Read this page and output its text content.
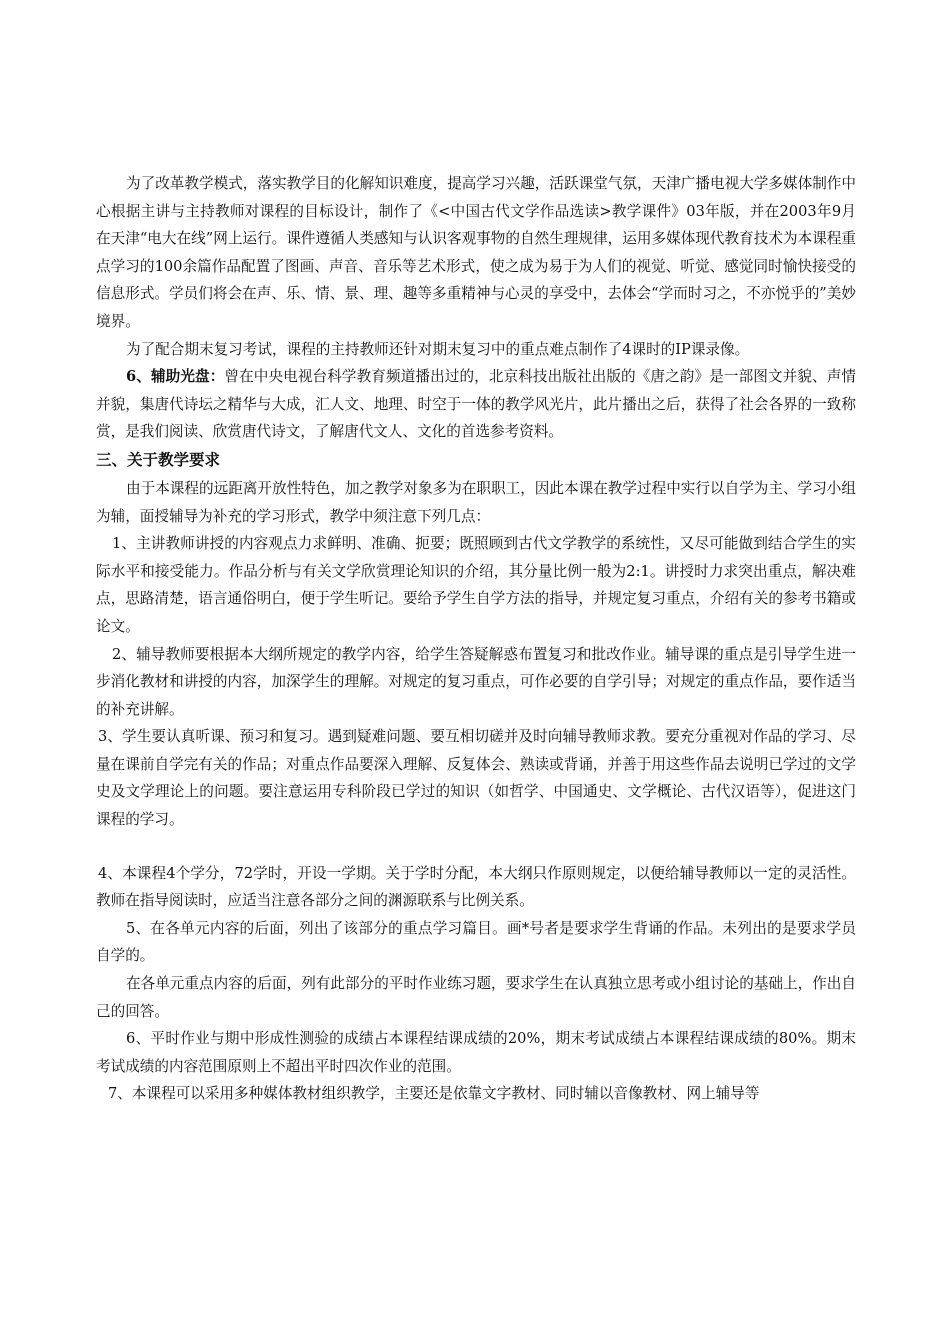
为了改革教学模式，落实教学目的化解知识难度，提高学习兴趣，活跃课堂气氛，天津广播电视大学多媒体制作中心根据主讲与主持教师对课程的目标设计，制作了《<中国古代文学作品选读>教学课件》03年版，并在2003年9月在天津“电大在线”网上运行。课件遵循人类感知与认识客观事物的自然生理规律，运用多媒体现代教育技术为本课程重点学习的100余篇作品配置了图画、声音、音乐等艺术形式，使之成为易于为人们的视觉、听觉、感觉同时愉快接受的信息形式。学员们将会在声、乐、情、景、理、趣等多重精神与心灵的享受中，去体会“学而时习之，不亦悦乎的”美妙境界。

为了配合期末复习考试，课程的主持教师还针对期末复习中的重点难点制作了4课时的IP课录像。

6、辅助光盘：曾在中央电视台科学教育频道播出过的，北京科技出版社出版的《唐之韵》是一部图文并貌、声情并貌，集唐代诗坛之精华与大成，汇人文、地理、时空于一体的教学风光片，此片播出之后，获得了社会各界的一致称赏，是我们阅读、欣赏唐代诗文，了解唐代文人、文化的首选参考资料。

三、关于教学要求

由于本课程的远距离开放性特色，加之教学对象多为在职职工，因此本课在教学过程中实行以自学为主、学习小组为辅，面授辅导为补充的学习形式，教学中须注意下列几点：

1、主讲教师讲授的内容观点力求鲜明、准确、扼要；既照顾到古代文学教学的系统性，又尽可能做到结合学生的实际水平和接受能力。作品分析与有关文学欣赏理论知识的介绍，其分量比例一般为2:1。讲授时力求突出重点，解决难点，思路清楚，语言通俗明白，便于学生听记。要给予学生自学方法的指导，并规定复习重点，介绍有关的参考书籍或论文。

2、辅导教师要根据本大纲所规定的教学内容，给学生答疑解惑布置复习和批改作业。辅导课的重点是引导学生进一步消化教材和讲授的内容，加深学生的理解。对规定的复习重点，可作必要的自学引导；对规定的重点作品，要作适当的补充讲解。

3、学生要认真听课、预习和复习。遇到疑难问题、要互相切磋并及时向辅导教师求教。要充分重视对作品的学习、尽量在课前自学完有关的作品；对重点作品要深入理解、反复体会、熟读或背诵，并善于用这些作品去说明已学过的文学史及文学理论上的问题。要注意运用专科阶段已学过的知识（如哲学、中国通史、文学概论、古代汉语等），促进这门课程的学习。

4、本课程4个学分，72学时，开设一学期。关于学时分配，本大纲只作原则规定，以便给辅导教师以一定的灵活性。教师在指导阅读时，应适当注意各部分之间的渊源联系与比例关系。

5、在各单元内容的后面，列出了该部分的重点学习篇目。画*号者是要求学生背诵的作品。未列出的是要求学员自学的。

在各单元重点内容的后面，列有此部分的平时作业练习题，要求学生在认真独立思考或小组讨论的基础上，作出自己的回答。

6、平时作业与期中形成性测验的成绩占本课程结课成绩的20%，期末考试成绩占本课程结课成绩的80%。期末考试成绩的内容范围原则上不超出平时四次作业的范围。

7、本课程可以采用多种媒体教材组织教学，主要还是依靠文字教材、同时辅以音像教材、网上辅导等
